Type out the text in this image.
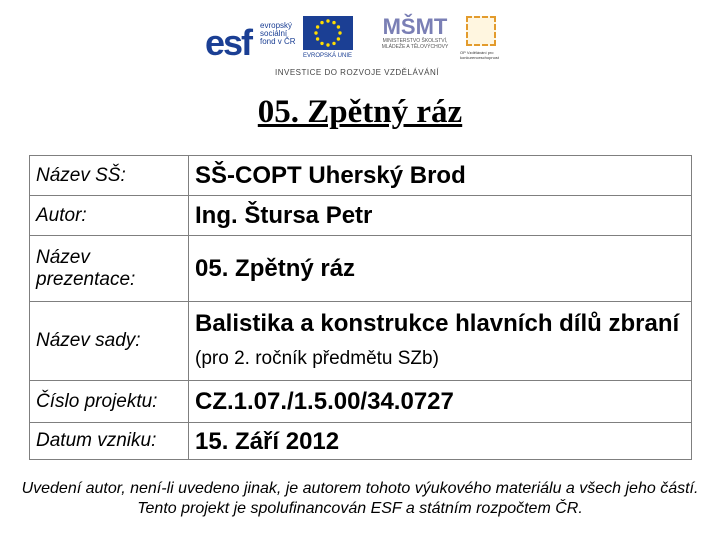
esf evropský sociální fond v ČR
EVROPSKÁ UNIE
MŠMT
MINISTERSTVO ŠKOLSTVÍ, MLÁDEŽE A TĚLOVÝCHOVY
OP Vzdělávání pro konkurenceschopnost
INVESTICE DO ROZVOJE VZDĚLÁVÁNÍ
05. Zpětný ráz
Název SŠ:	SŠ-COPT Uherský Brod
Autor:	Ing. Štursa Petr
Název prezentace:	05. Zpětný ráz
Název sady:	Balistika a konstrukce hlavních dílů zbraní (pro 2. ročník předmětu SZb)
Číslo projektu:	CZ.1.07./1.5.00/34.0727
Datum vzniku:	15. Září 2012
Uvedení autor, není-li uvedeno jinak, je autorem tohoto výukového materiálu a všech jeho částí. Tento projekt je spolufinancován ESF a státním rozpočtem ČR.
